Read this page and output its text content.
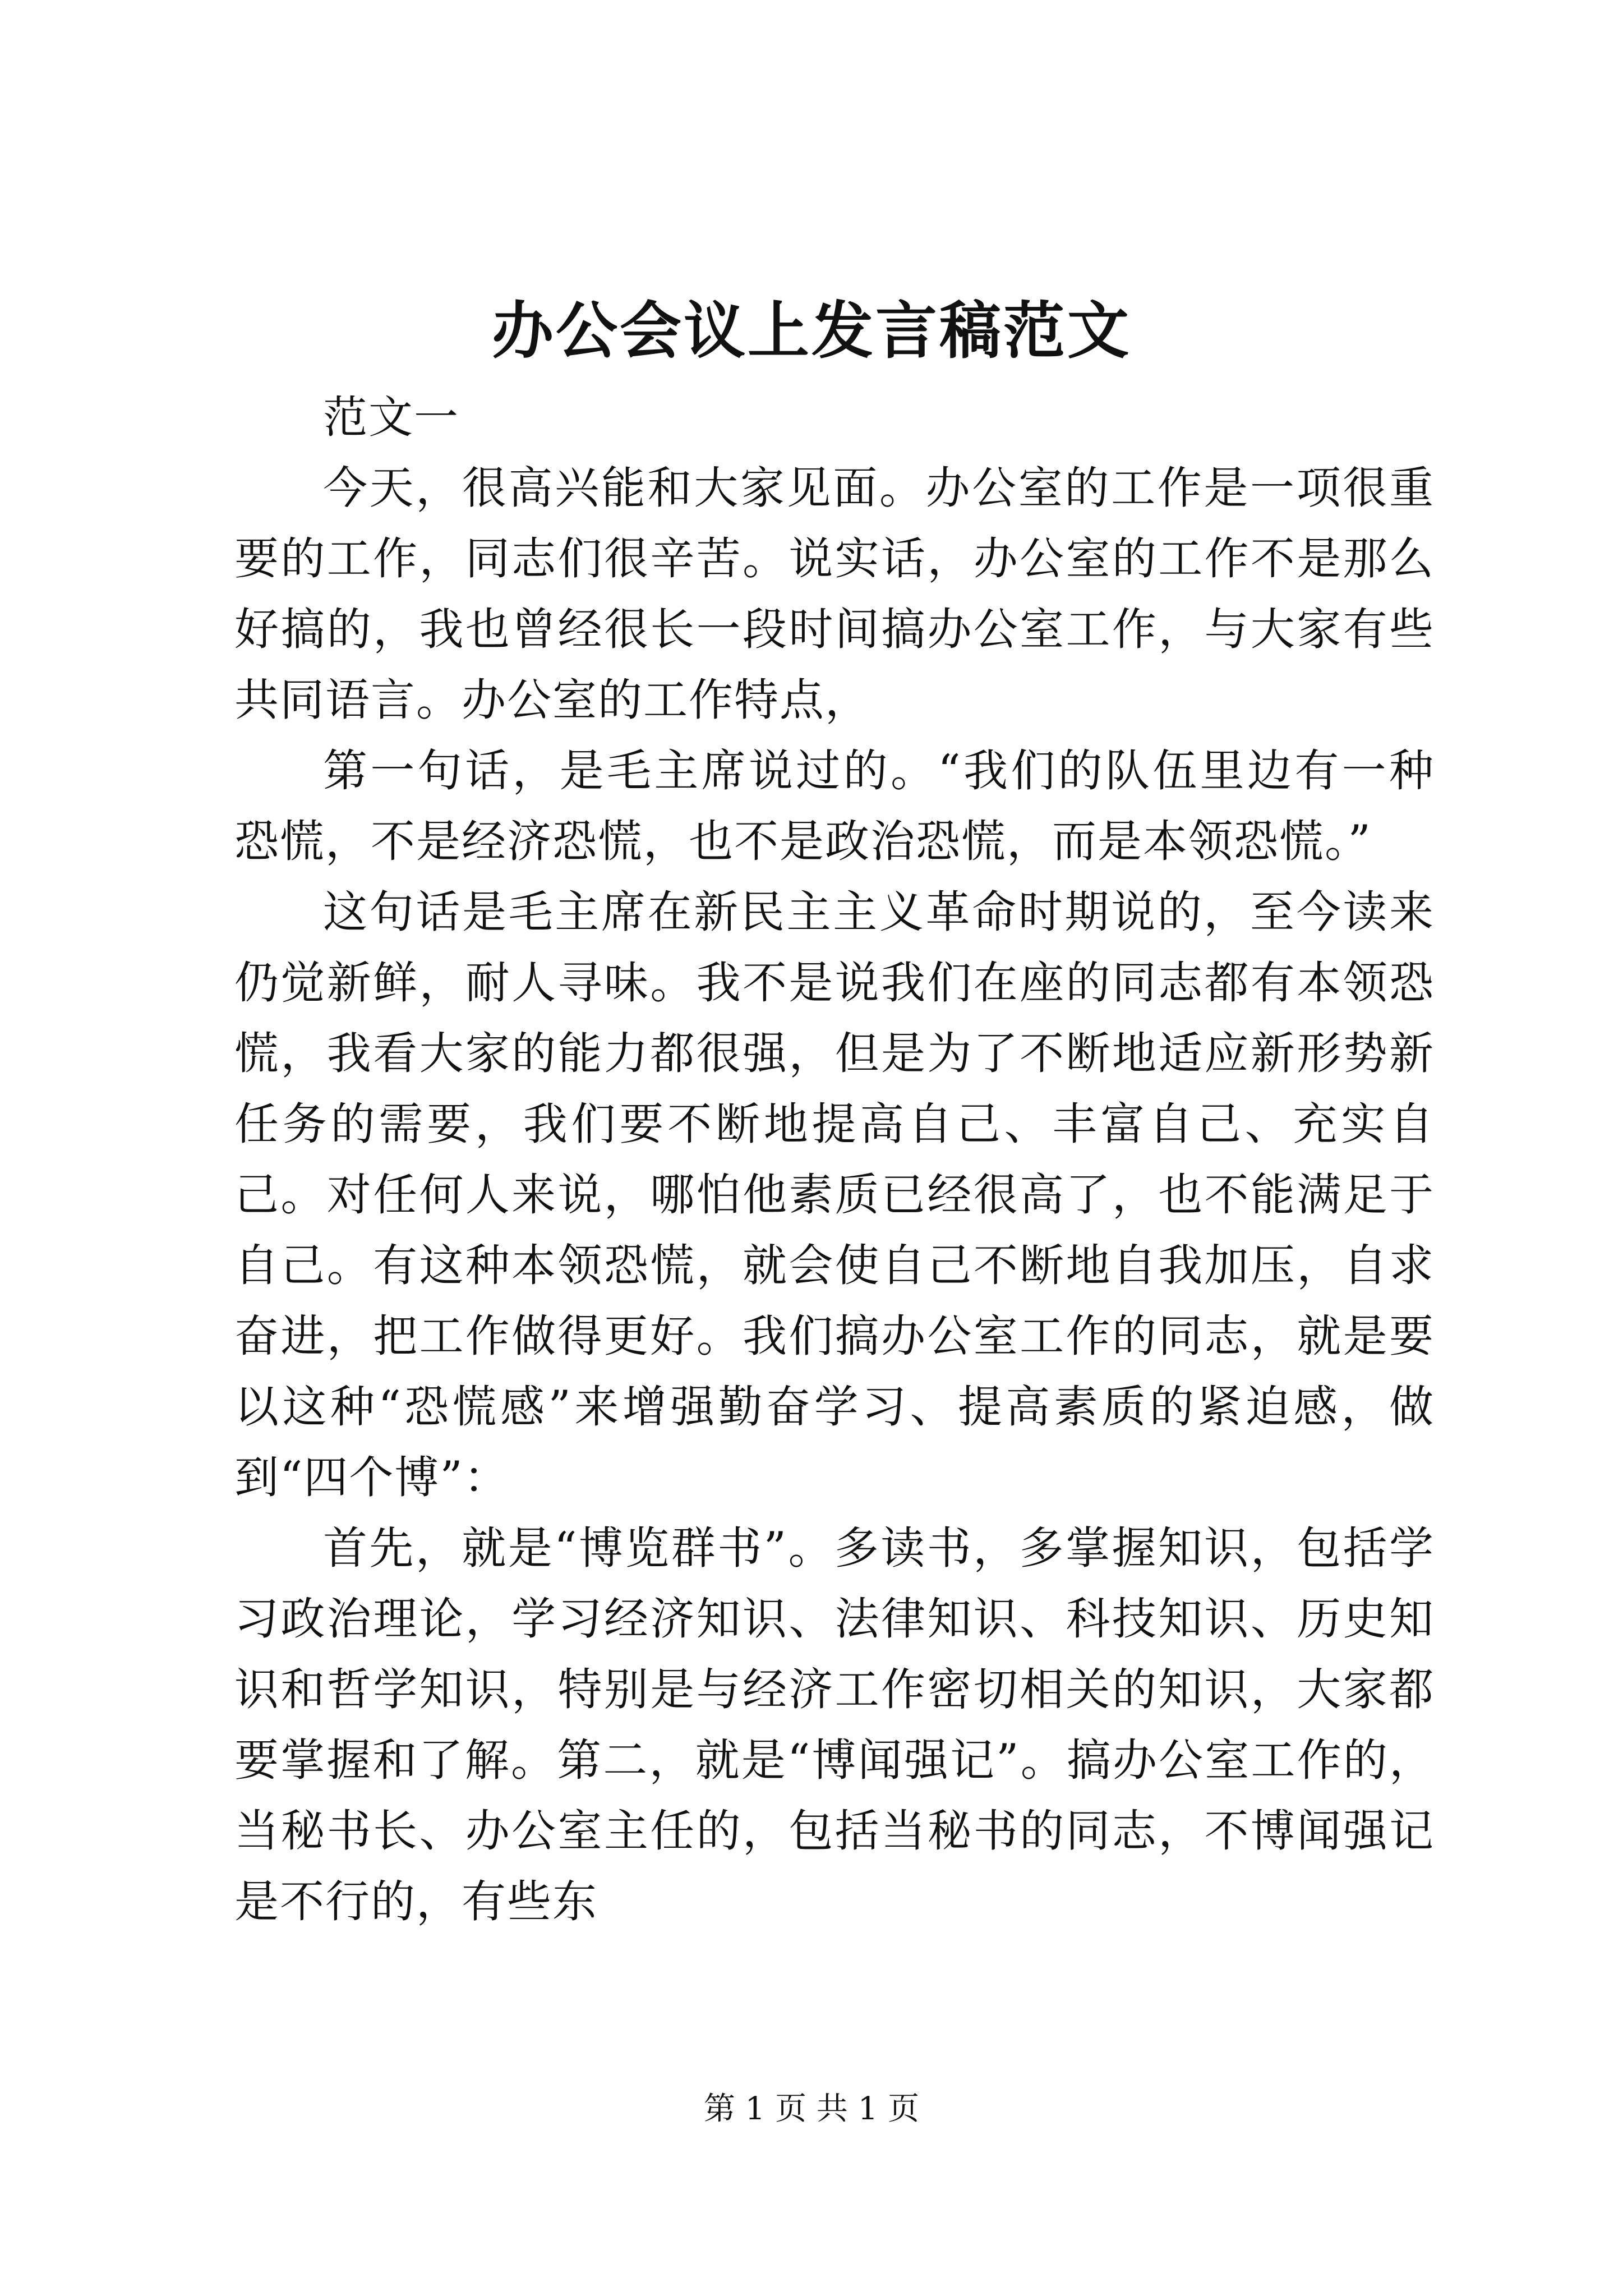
办公会议上发言稿范文

范文一

今天，很高兴能和大家见面。办公室的工作是一项很重要的工作，同志们很辛苦。说实话，办公室的工作不是那么好搞的，我也曾经很长一段时间搞办公室工作，与大家有些共同语言。办公室的工作特点，

第一句话，是毛主席说过的。“我们的队伍里边有一种恐慌，不是经济恐慌，也不是政治恐慌，而是本领恐慌。”

这句话是毛主席在新民主主义革命时期说的，至今读来仍觉新鲜，耐人寻味。我不是说我们在座的同志都有本领恐慌，我看大家的能力都很强，但是为了不断地适应新形势新任务的需要，我们要不断地提高自己、丰富自己、充实自己。对任何人来说，哪怕他素质已经很高了，也不能满足于自己。有这种本领恐慌，就会使自己不断地自我加压，自求奋进，把工作做得更好。我们搞办公室工作的同志，就是要以这种“恐慌感”来增强勤奋学习、提高素质的紧迫感，做到“四个博”：

首先，就是“博览群书”。多读书，多掌握知识，包括学习政治理论，学习经济知识、法律知识、科技知识、历史知识和哲学知识，特别是与经济工作密切相关的知识，大家都要掌握和了解。第二，就是“博闻强记”。搞办公室工作的，当秘书长、办公室主任的，包括当秘书的同志，不博闻强记是不行的，有些东

第 1 页 共 1 页
